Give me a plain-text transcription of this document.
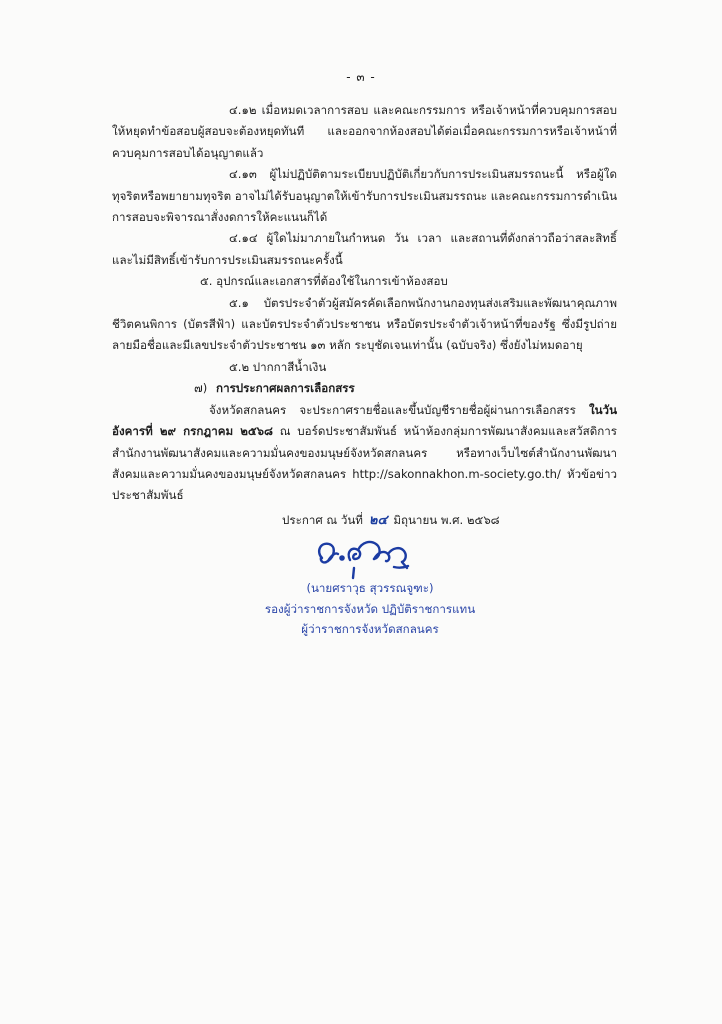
- ๓ -

๔.๑๒ เมื่อหมดเวลาการสอบ และคณะกรรมการ หรือเจ้าหน้าที่ควบคุมการสอบให้หยุดทำข้อสอบผู้สอบจะต้องหยุดทันที และออกจากห้องสอบได้ต่อเมื่อคณะกรรมการหรือเจ้าหน้าที่ควบคุมการสอบได้อนุญาตแล้ว

๔.๑๓ ผู้ไม่ปฏิบัติตามระเบียบปฏิบัติเกี่ยวกับการประเมินสมรรถนะนี้ หรือผู้ใดทุจริตหรือพยายามทุจริต อาจไม่ได้รับอนุญาตให้เข้ารับการประเมินสมรรถนะ และคณะกรรมการดำเนินการสอบจะพิจารณาสั่งงดการให้คะแนนก็ได้

๔.๑๔ ผู้ใดไม่มาภายในกำหนด วัน เวลา และสถานที่ดังกล่าวถือว่าสละสิทธิ์ และไม่มีสิทธิ์เข้ารับการประเมินสมรรถนะครั้งนี้

๕. อุปกรณ์และเอกสารที่ต้องใช้ในการเข้าห้องสอบ

๕.๑ บัตรประจำตัวผู้สมัครคัดเลือกพนักงานกองทุนส่งเสริมและพัฒนาคุณภาพชีวิตคนพิการ (บัตรสีฟ้า) และบัตรประจำตัวประชาชน หรือบัตรประจำตัวเจ้าหน้าที่ของรัฐ ซึ่งมีรูปถ่าย ลายมือชื่อและมีเลขประจำตัวประชาชน ๑๓ หลัก ระบุชัดเจนเท่านั้น (ฉบับจริง) ซึ่งยังไม่หมดอายุ

๕.๒ ปากกาสีน้ำเงิน

๗) การประกาศผลการเลือกสรร

จังหวัดสกลนคร จะประกาศรายชื่อและขึ้นบัญชีรายชื่อผู้ผ่านการเลือกสรร ในวันอังคารที่ ๒๙ กรกฎาคม ๒๕๖๘ ณ บอร์ดประชาสัมพันธ์ หน้าห้องกลุ่มการพัฒนาสังคมและสวัสดิการ สำนักงานพัฒนาสังคมและความมั่นคงของมนุษย์จังหวัดสกลนคร หรือทางเว็บไซต์สำนักงานพัฒนาสังคมและความมั่นคงของมนุษย์จังหวัดสกลนคร http://sakonnakhon.m-society.go.th/ หัวข้อข่าวประชาสัมพันธ์

ประกาศ ณ วันที่ ๒๔ มิถุนายน พ.ศ. ๒๕๖๘
(นายศราวุธ สุวรรณจูฑะ)
รองผู้ว่าราชการจังหวัด ปฏิบัติราชการแทน
ผู้ว่าราชการจังหวัดสกลนคร
